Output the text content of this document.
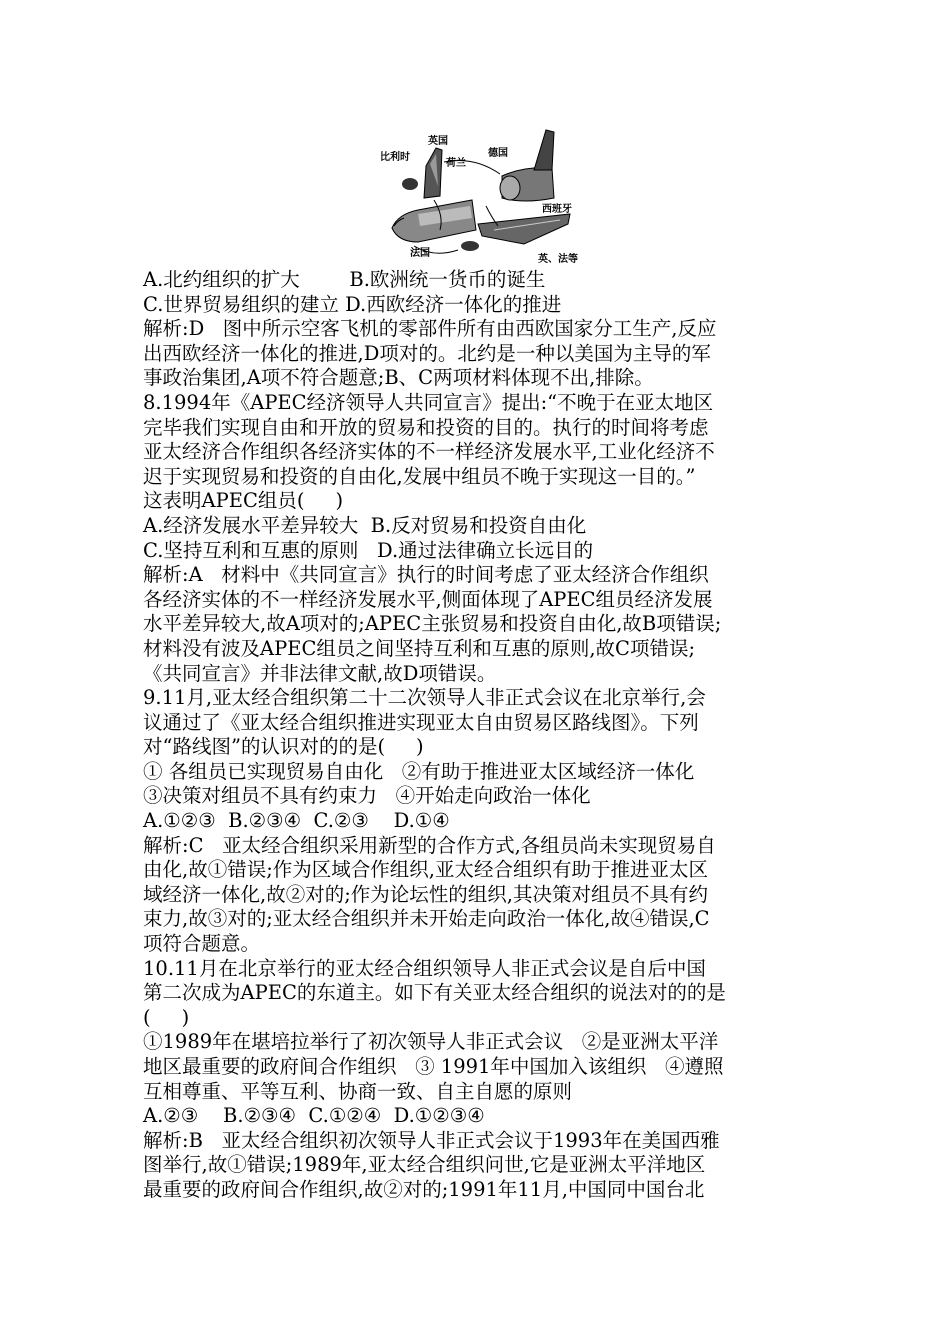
比利时
英国
荷兰
德国
西班牙
法国
英、法等
A.北约组织的扩大        B.欧洲统一货币的诞生
C.世界贸易组织的建立 D.西欧经济一体化的推进
解析:D   图中所示空客飞机的零部件所有由西欧国家分工生产,反应
出西欧经济一体化的推进,D项对的。北约是一种以美国为主导的军
事政治集团,A项不符合题意;B、C两项材料体现不出,排除。
8.1994年《APEC经济领导人共同宣言》提出:“不晚于在亚太地区
完毕我们实现自由和开放的贸易和投资的目的。执行的时间将考虑
亚太经济合作组织各经济实体的不一样经济发展水平,工业化经济不
迟于实现贸易和投资的自由化,发展中组员不晚于实现这一目的。”
这表明APEC组员(     )
A.经济发展水平差异较大  B.反对贸易和投资自由化
C.坚持互利和互惠的原则   D.通过法律确立长远目的
解析:A   材料中《共同宣言》执行的时间考虑了亚太经济合作组织
各经济实体的不一样经济发展水平,侧面体现了APEC组员经济发展
水平差异较大,故A项对的;APEC主张贸易和投资自由化,故B项错误;
材料没有波及APEC组员之间坚持互利和互惠的原则,故C项错误;
《共同宣言》并非法律文献,故D项错误。
9.11月,亚太经合组织第二十二次领导人非正式会议在北京举行,会
议通过了《亚太经合组织推进实现亚太自由贸易区路线图》。下列
对“路线图”的认识对的的是(     )
① 各组员已实现贸易自由化   ②有助于推进亚太区域经济一体化
③决策对组员不具有约束力   ④开始走向政治一体化
A.①②③  B.②③④  C.②③    D.①④
解析:C   亚太经合组织采用新型的合作方式,各组员尚未实现贸易自
由化,故①错误;作为区域合作组织,亚太经合组织有助于推进亚太区
域经济一体化,故②对的;作为论坛性的组织,其决策对组员不具有约
束力,故③对的;亚太经合组织并未开始走向政治一体化,故④错误,C
项符合题意。
10.11月在北京举行的亚太经合组织领导人非正式会议是自后中国
第二次成为APEC的东道主。如下有关亚太经合组织的说法对的的是
(     )
①1989年在堪培拉举行了初次领导人非正式会议   ②是亚洲太平洋
地区最重要的政府间合作组织   ③ 1991年中国加入该组织   ④遵照
互相尊重、平等互利、协商一致、自主自愿的原则
A.②③    B.②③④  C.①②④  D.①②③④
解析:B   亚太经合组织初次领导人非正式会议于1993年在美国西雅
图举行,故①错误;1989年,亚太经合组织问世,它是亚洲太平洋地区
最重要的政府间合作组织,故②对的;1991年11月,中国同中国台北
